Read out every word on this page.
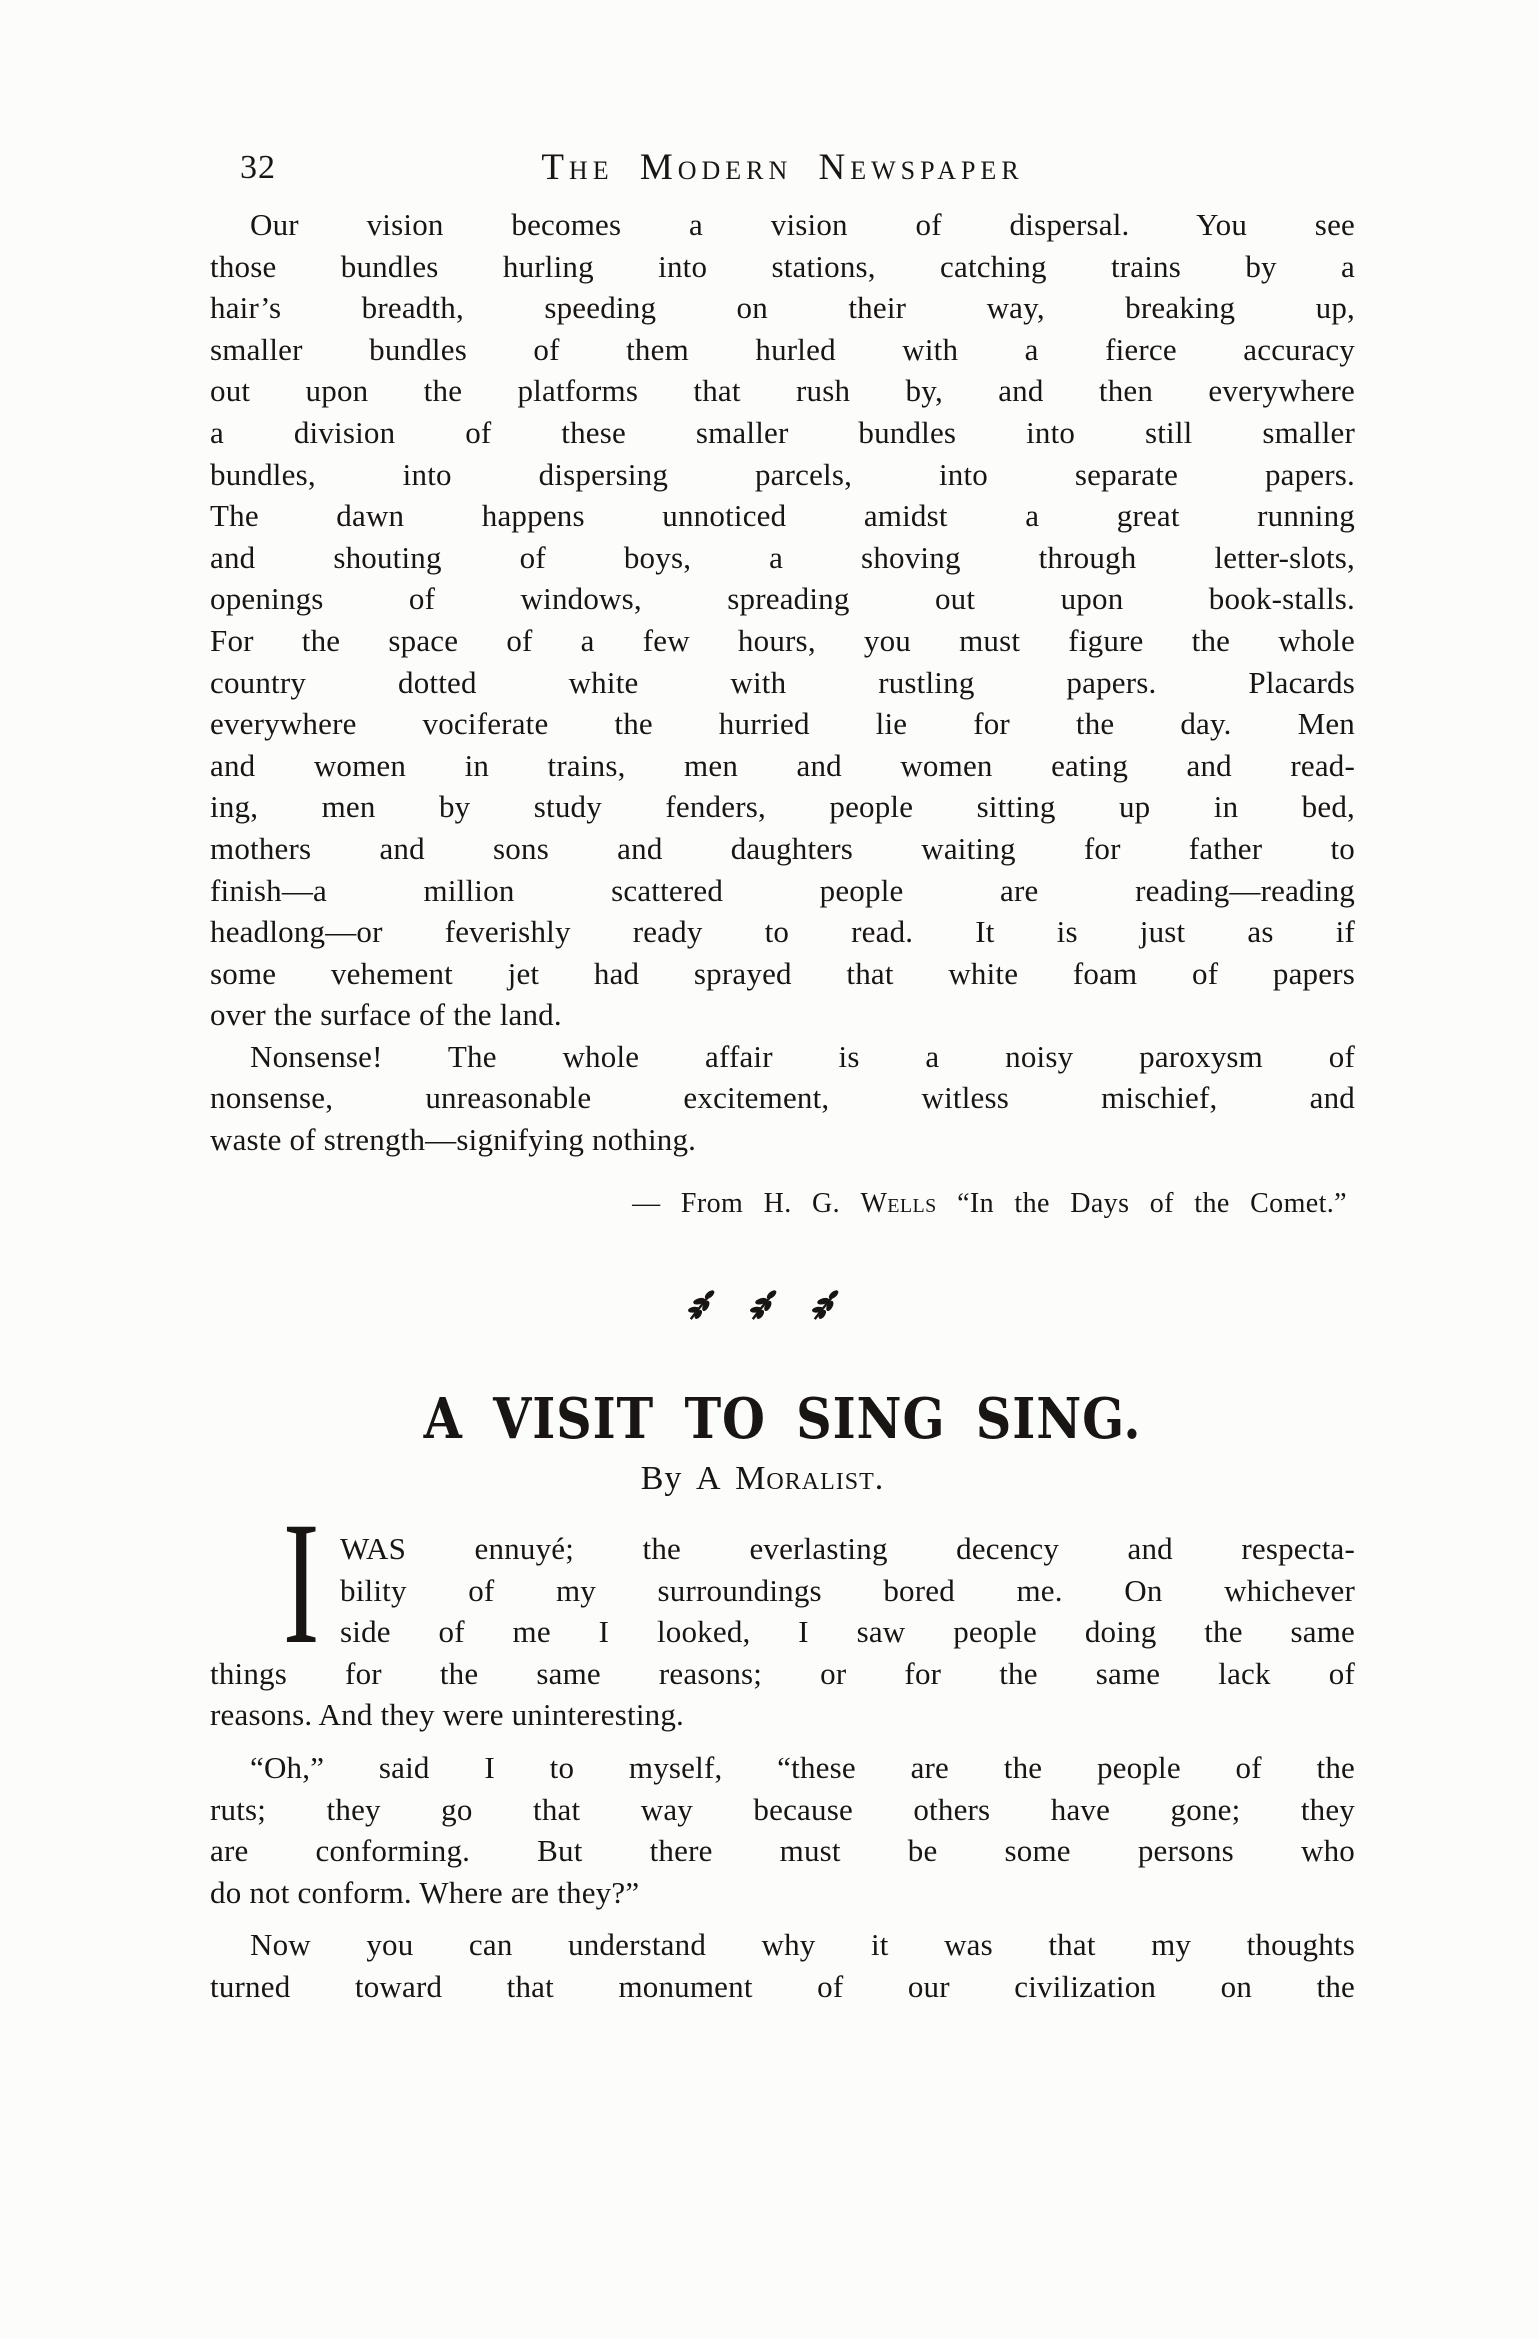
32	The Modern Newspaper
Our vision becomes a vision of dispersal. You see
those bundles hurling into stations, catching trains by a
hair’s breadth, speeding on their way, breaking up,
smaller bundles of them hurled with a fierce accuracy
out upon the platforms that rush by, and then everywhere
a division of these smaller bundles into still smaller
bundles, into dispersing parcels, into separate papers.
The dawn happens unnoticed amidst a great running
and shouting of boys, a shoving through letter-slots,
openings of windows, spreading out upon book-stalls.
For the space of a few hours, you must figure the whole
country dotted white with rustling papers. Placards
everywhere vociferate the hurried lie for the day. Men
and women in trains, men and women eating and read-
ing, men by study fenders, people sitting up in bed,
mothers and sons and daughters waiting for father to
finish—a million scattered people are reading—reading
headlong—or feverishly ready to read. It is just as if
some vehement jet had sprayed that white foam of papers
over the surface of the land.
Nonsense! The whole affair is a noisy paroxysm of
nonsense, unreasonable excitement, witless mischief, and
waste of strength—signifying nothing.
— From H. G. Wells “In the Days of the Comet.”

A VISIT TO SING SING.
By A Moralist.
I WAS ennuyé; the everlasting decency and respecta-
bility of my surroundings bored me. On whichever
side of me I looked, I saw people doing the same
things for the same reasons; or for the same lack of
reasons. And they were uninteresting.
“Oh,” said I to myself, “these are the people of the
ruts; they go that way because others have gone; they
are conforming. But there must be some persons who
do not conform. Where are they?”
Now you can understand why it was that my thoughts
turned toward that monument of our civilization on the
